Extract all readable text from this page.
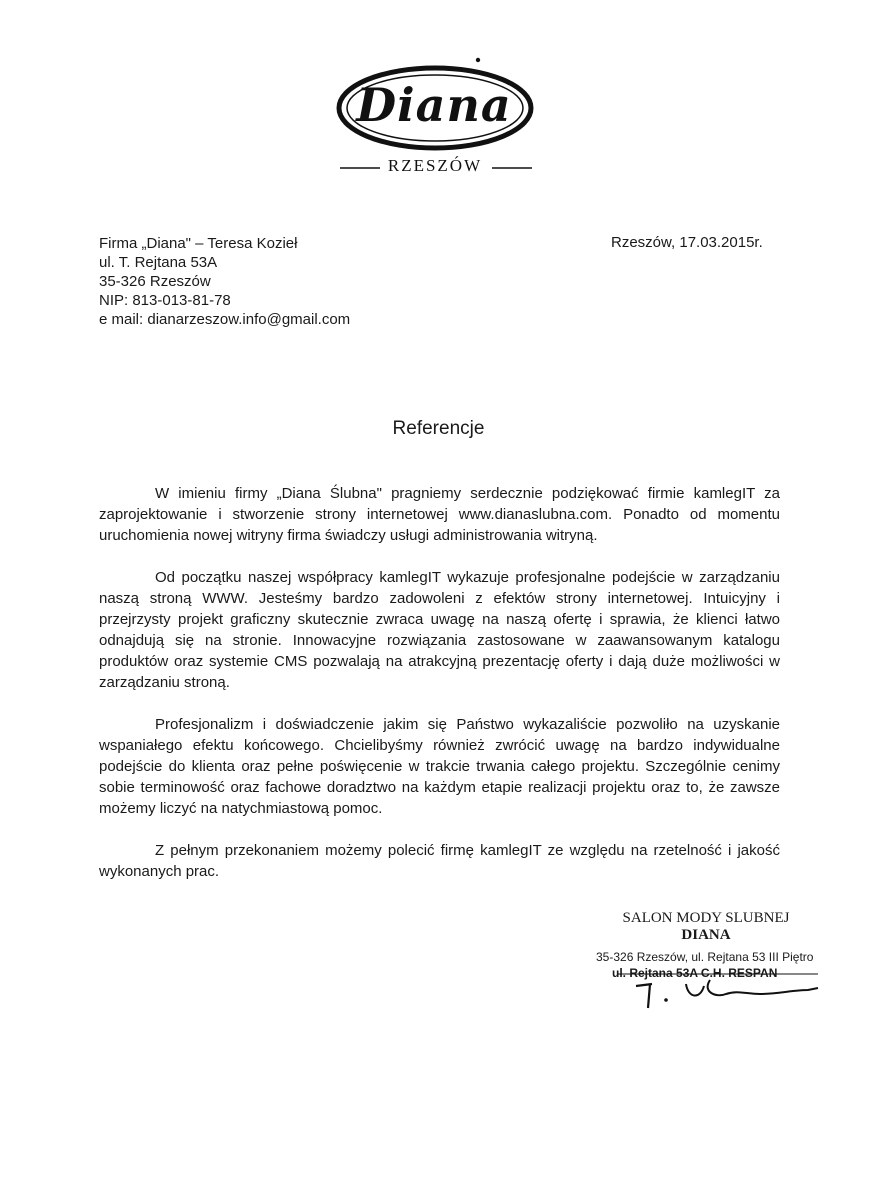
Diana
RZESZÓW
Firma „Diana" – Teresa Kozieł
ul. T. Rejtana 53A
35-326 Rzeszów
NIP: 813-013-81-78
e mail: dianarzeszow.info@gmail.com
Rzeszów, 17.03.2015r.
Referencje

W imieniu firmy „Diana Ślubna" pragniemy serdecznie podziękować firmie kamlegIT za zaprojektowanie i stworzenie strony internetowej www.dianaslubna.com. Ponadto od momentu uruchomienia nowej witryny firma świadczy usługi administrowania witryną.

Od początku naszej współpracy kamlegIT wykazuje profesjonalne podejście w zarządzaniu naszą stroną WWW. Jesteśmy bardzo zadowoleni z efektów strony internetowej. Intuicyjny i przejrzysty projekt graficzny skutecznie zwraca uwagę na naszą ofertę i sprawia, że klienci łatwo odnajdują się na stronie. Innowacyjne rozwiązania zastosowane w zaawansowanym katalogu produktów oraz systemie CMS pozwalają na atrakcyjną prezentację oferty i dają duże możliwości w zarządzaniu stroną.

Profesjonalizm i doświadczenie jakim się Państwo wykazaliście pozwoliło na uzyskanie wspaniałego efektu końcowego. Chcielibyśmy również zwrócić uwagę na bardzo indywidualne podejście do klienta oraz pełne poświęcenie w trakcie trwania całego projektu. Szczególnie cenimy sobie terminowość oraz fachowe doradztwo na każdym etapie realizacji projektu oraz to, że zawsze możemy liczyć na natychmiastową pomoc.

Z pełnym przekonaniem możemy polecić firmę kamlegIT ze względu na rzetelność i jakość wykonanych prac.

SALON MODY SLUBNEJ
DIANA
35-326 Rzeszów, ul. Rejtana 53 III Piętro
ul. Rejtana 53A C.H. RESPAN
